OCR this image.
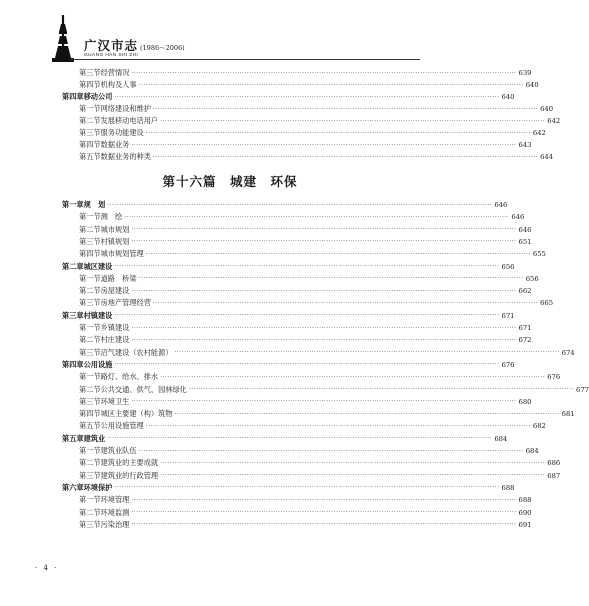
广汉市志 (1986～2006)
GUANG HAN SHI ZHI
第三节 经营情况 ································································································································································ 639
第四节 机构及人事 ································································································································································ 640
第四章 移动公司 ································································································································································ 640
第一节 网络建设和维护 ································································································································································ 640
第二节 发展移动电话用户 ································································································································································ 642
第三节 服务功能建设 ································································································································································ 642
第四节 数据业务 ································································································································································ 643
第五节 数据业务的种类 ································································································································································ 644
第一章 规　划 ································································································································································ 646
第一节 测　绘 ································································································································································ 646
第二节 城市规划 ································································································································································ 646
第三节 村镇规划 ································································································································································ 651
第四节 城市规划管理 ································································································································································ 655
第二章 城区建设 ································································································································································ 656
第一节 道路　桥梁 ································································································································································ 656
第二节 房屋建设 ································································································································································ 662
第三节 房地产管理经营 ································································································································································ 665
第三章 村镇建设 ································································································································································ 671
第一节 乡镇建设 ································································································································································ 671
第二节 村庄建设 ································································································································································ 672
第三节 沼气建设（农村能源） ································································································································································ 674
第四章 公用设施 ································································································································································ 676
第一节 路灯、给水、排水 ································································································································································ 676
第二节 公共交通、供气、园林绿化 ································································································································································ 677
第三节 环境卫生 ································································································································································ 680
第四节 城区主要建（构）筑物 ································································································································································ 681
第五节 公用设施管理 ································································································································································ 682
第五章 建筑业 ································································································································································ 684
第一节 建筑业队伍 ································································································································································ 684
第二节 建筑业的主要成就 ································································································································································ 686
第三节 建筑业的行政管理 ································································································································································ 687
第六章 环境保护 ································································································································································ 688
第一节 环境管理 ································································································································································ 688
第二节 环境监测 ································································································································································ 690
第三节 污染治理 ································································································································································ 691
第十六篇　城建　环保
· 4 ·
